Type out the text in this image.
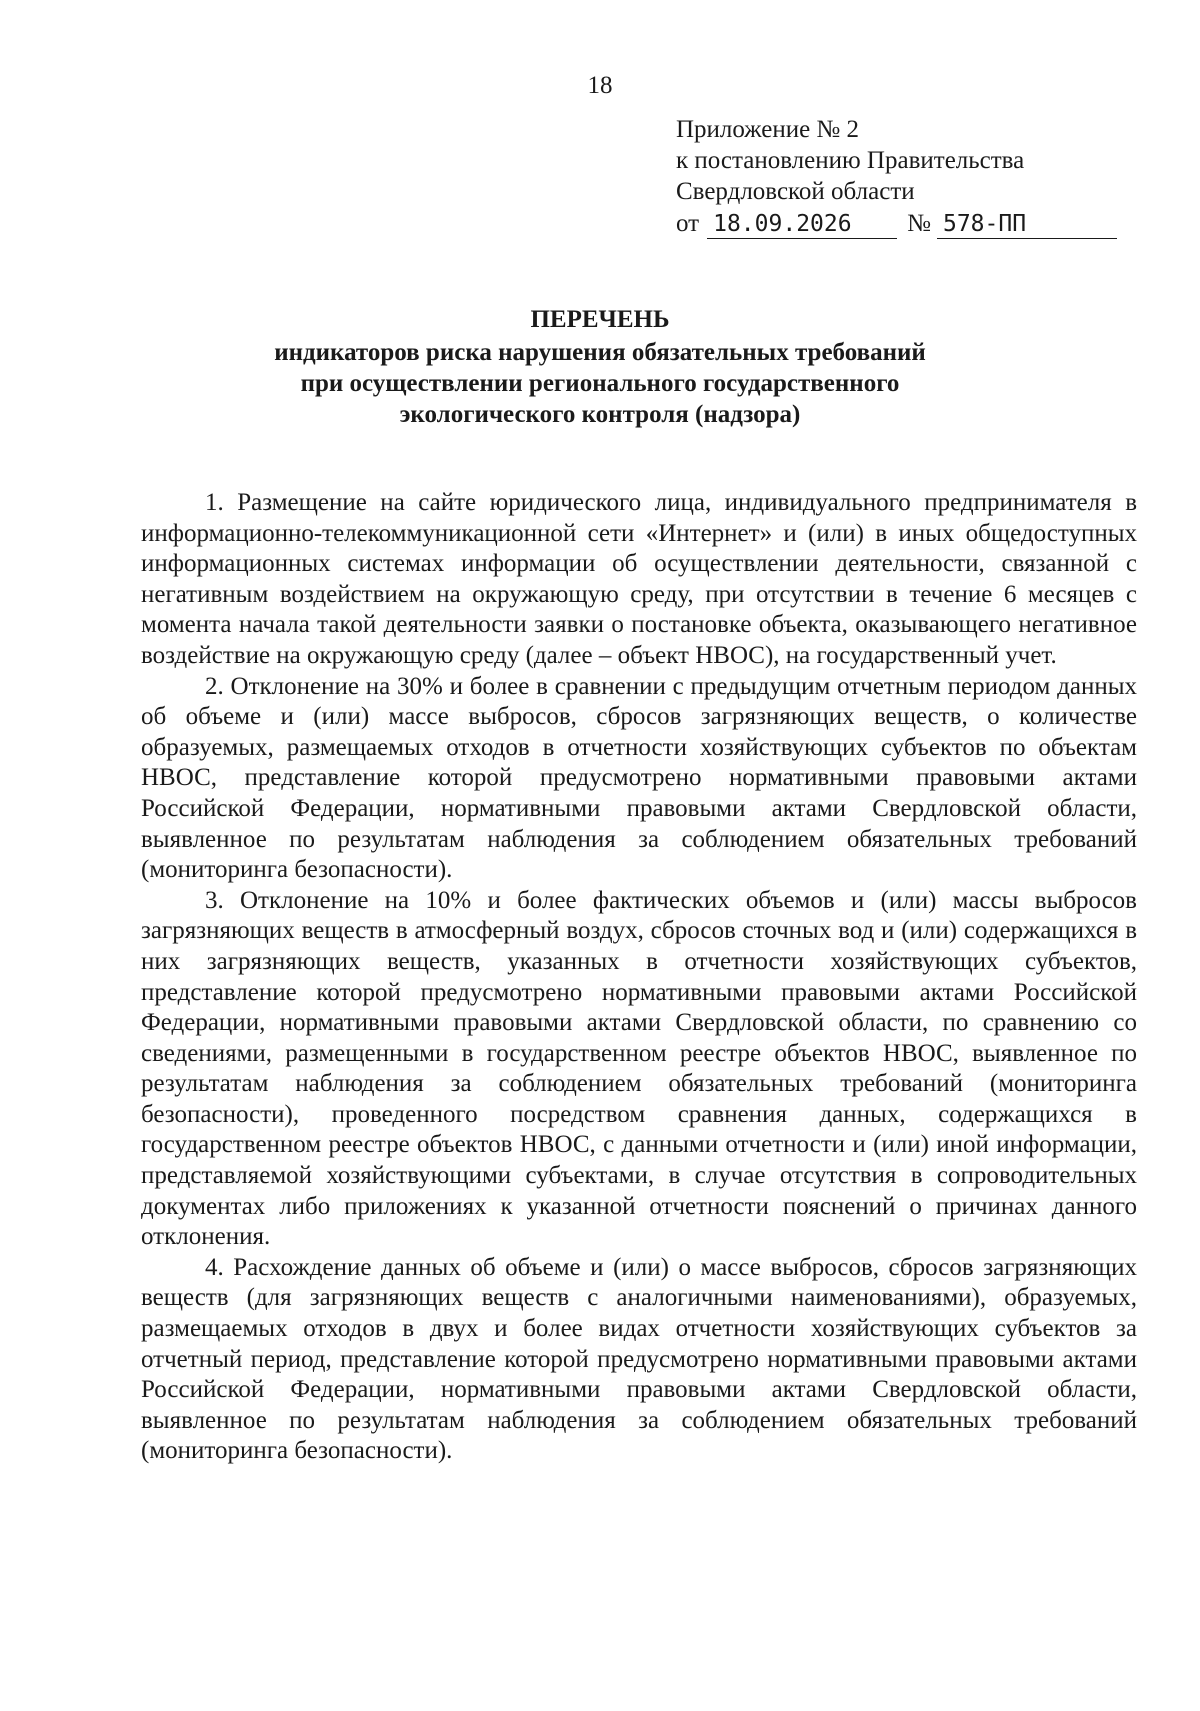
18
Приложение № 2
к постановлению Правительства
Свердловской области
от 18.09.2026	№ 578-ПП
ПЕРЕЧЕНЬ
индикаторов риска нарушения обязательных требований
при осуществлении регионального государственного
экологического контроля (надзора)

1. Размещение на сайте юридического лица, индивидуального предпринимателя в информационно-телекоммуникационной сети «Интернет» и (или) в иных общедоступных информационных системах информации об осуществлении деятельности, связанной с негативным воздействием на окружающую среду, при отсутствии в течение 6 месяцев с момента начала такой деятельности заявки о постановке объекта, оказывающего негативное воздействие на окружающую среду (далее – объект НВОС), на государственный учет.

2. Отклонение на 30% и более в сравнении с предыдущим отчетным периодом данных об объеме и (или) массе выбросов, сбросов загрязняющих веществ, о количестве образуемых, размещаемых отходов в отчетности хозяйствующих субъектов по объектам НВОС, представление которой предусмотрено нормативными правовыми актами Российской Федерации, нормативными правовыми актами Свердловской области, выявленное по результатам наблюдения за соблюдением обязательных требований (мониторинга безопасности).

3. Отклонение на 10% и более фактических объемов и (или) массы выбросов загрязняющих веществ в атмосферный воздух, сбросов сточных вод и (или) содержащихся в них загрязняющих веществ, указанных в отчетности хозяйствующих субъектов, представление которой предусмотрено нормативными правовыми актами Российской Федерации, нормативными правовыми актами Свердловской области, по сравнению со сведениями, размещенными в государственном реестре объектов НВОС, выявленное по результатам наблюдения за соблюдением обязательных требований (мониторинга безопасности), проведенного посредством сравнения данных, содержащихся в государственном реестре объектов НВОС, с данными отчетности и (или) иной информации, представляемой хозяйствующими субъектами, в случае отсутствия в сопроводительных документах либо приложениях к указанной отчетности пояснений о причинах данного отклонения.

4. Расхождение данных об объеме и (или) о массе выбросов, сбросов загрязняющих веществ (для загрязняющих веществ с аналогичными наименованиями), образуемых, размещаемых отходов в двух и более видах отчетности хозяйствующих субъектов за отчетный период, представление которой предусмотрено нормативными правовыми актами Российской Федерации, нормативными правовыми актами Свердловской области, выявленное по результатам наблюдения за соблюдением обязательных требований (мониторинга безопасности).
